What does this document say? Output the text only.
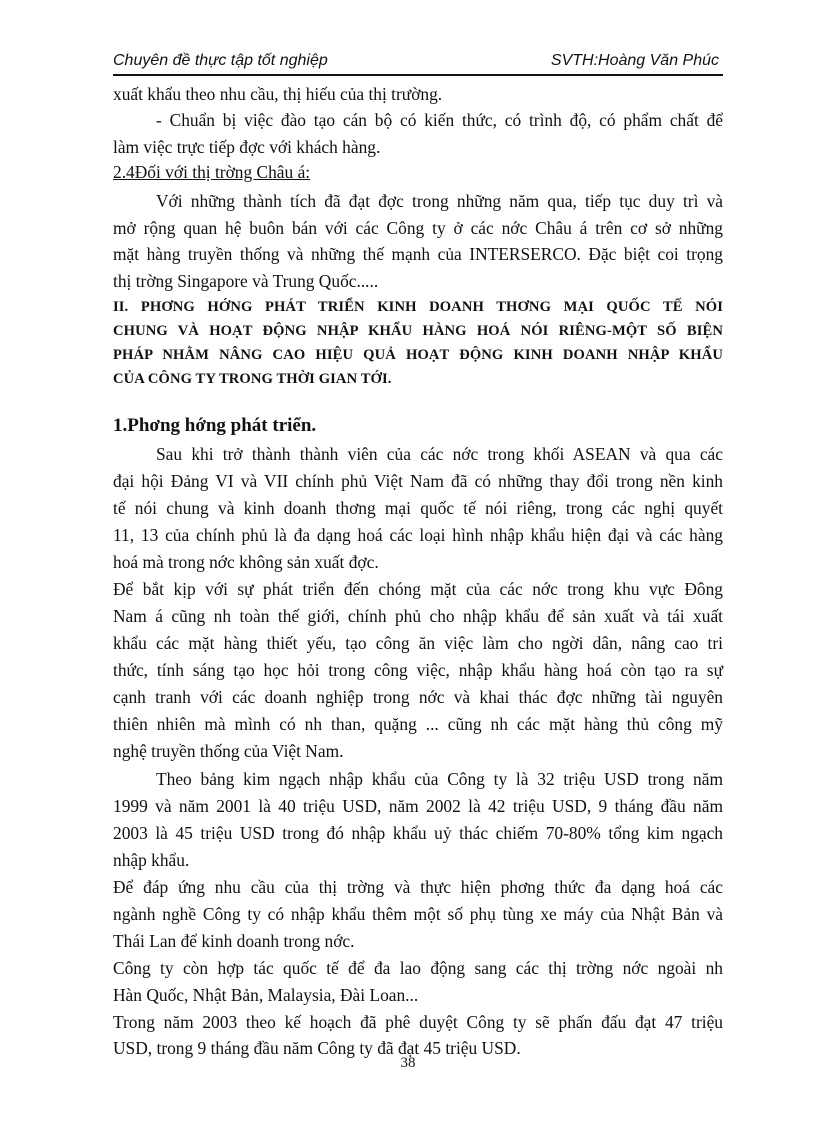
Chuyên đề thực tập tốt nghiệp	SVTH:Hoàng Văn Phúc
xuất khẩu theo nhu cầu, thị hiếu của thị trường.
- Chuẩn bị việc đào tạo cán bộ có kiến thức, có trình độ, có phẩm chất để
làm việc trực tiếp đợc với khách hàng.
2.4Đối với thị trờng Châu á:
Với những thành tích đã đạt đợc trong những năm qua, tiếp tục duy trì và
mở rộng quan hệ buôn bán với các Công ty ở các nớc Châu á trên cơ sở những
mặt hàng truyền thống và những thế mạnh của INTERSERCO. Đặc biệt coi trọng
thị trờng Singapore và Trung Quốc.....
II. PHƠNG HỚNG PHÁT TRIỂN KINH DOANH THƠNG MẠI QUỐC TẾ NÓI
CHUNG VÀ HOẠT ĐỘNG NHẬP KHẨU HÀNG HOÁ NÓI RIÊNG-MỘT SỐ BIỆN
PHÁP NHẰM NÂNG CAO HIỆU QUẢ HOẠT ĐỘNG KINH DOANH NHẬP KHẨU
CỦA CÔNG TY TRONG THỜI GIAN TỚI.
1.Phơng hớng phát triển.
Sau khi trở thành thành viên của các nớc trong khối ASEAN và qua các
đại hội Đảng VI và VII chính phủ Việt Nam đã có những thay đổi trong nền kinh
tế nói chung và kinh doanh thơng mại quốc tế nói riêng, trong các nghị quyết
11, 13 của chính phủ là đa dạng hoá các loại hình nhập khẩu hiện đại và các hàng
hoá mà trong nớc không sản xuất đợc.
Để bắt kịp với sự phát triển đến chóng mặt của các nớc trong khu vực Đông
Nam á cũng nh toàn thế giới, chính phủ cho nhập khẩu để sản xuất và tái xuất
khẩu các mặt hàng thiết yếu, tạo công ăn việc làm cho ngời dân, nâng cao tri
thức, tính sáng tạo học hỏi trong công việc, nhập khẩu hàng hoá còn tạo ra sự
cạnh tranh với các doanh nghiệp trong nớc và khai thác đợc những tài nguyên
thiên nhiên mà mình có nh than, quặng ... cũng nh các mặt hàng thủ công mỹ
nghệ truyền thống của Việt Nam.
Theo bảng kim ngạch nhập khẩu của Công ty là 32 triệu USD trong năm
1999 và năm 2001 là 40 triệu USD, năm 2002 là 42 triệu USD, 9 tháng đầu năm
2003 là 45 triệu USD trong đó nhập khẩu uỷ thác chiếm 70-80% tổng kim ngạch
nhập khẩu.
Để đáp ứng nhu cầu của thị trờng và thực hiện phơng thức đa dạng hoá các
ngành nghề Công ty có nhập khẩu thêm một số phụ tùng xe máy của Nhật Bản và
Thái Lan để kinh doanh trong nớc.
Công ty còn hợp tác quốc tế để đa lao động sang các thị trờng nớc ngoài nh
Hàn Quốc, Nhật Bản, Malaysia, Đài Loan...
Trong năm 2003 theo kế hoạch đã phê duyệt Công ty sẽ phấn đấu đạt 47 triệu
USD, trong 9 tháng đầu năm Công ty đã đạt 45 triệu USD.
38
